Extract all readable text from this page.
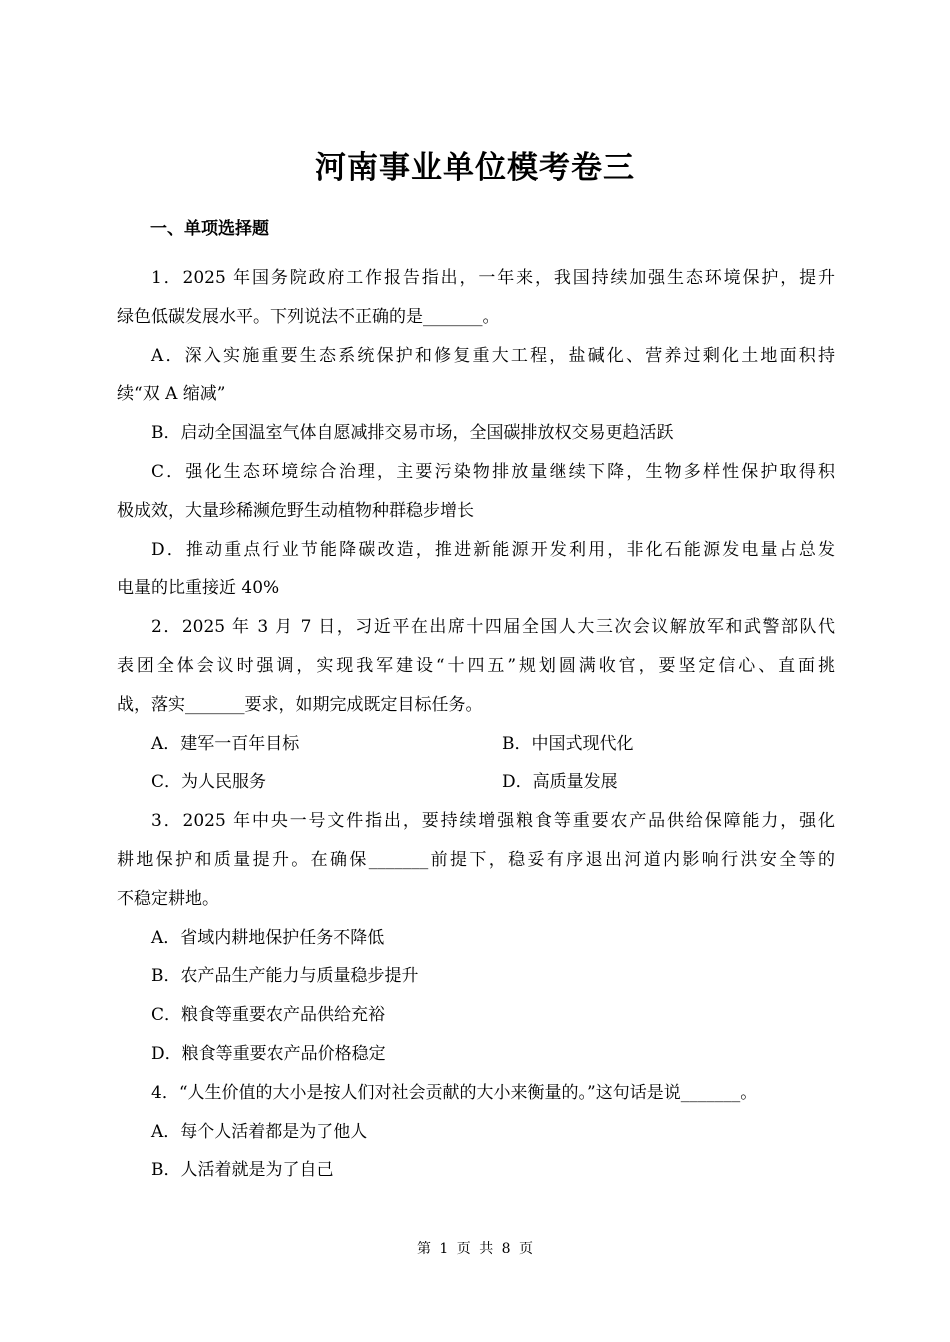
河南事业单位模考卷三

一、单项选择题

1．2025 年国务院政府工作报告指出，一年来，我国持续加强生态环境保护，提升
绿色低碳发展水平。下列说法不正确的是_______。
A．深入实施重要生态系统保护和修复重大工程，盐碱化、营养过剩化土地面积持
续“双 A 缩减”
B．启动全国温室气体自愿减排交易市场，全国碳排放权交易更趋活跃
C．强化生态环境综合治理，主要污染物排放量继续下降，生物多样性保护取得积
极成效，大量珍稀濒危野生动植物种群稳步增长
D．推动重点行业节能降碳改造，推进新能源开发利用，非化石能源发电量占总发
电量的比重接近 40%
2．2025 年 3 月 7 日，习近平在出席十四届全国人大三次会议解放军和武警部队代
表团全体会议时强调，实现我军建设“十四五”规划圆满收官，要坚定信心、直面挑
战，落实_______要求，如期完成既定目标任务。
A．建军一百年目标	B．中国式现代化
C．为人民服务	D．高质量发展
3．2025 年中央一号文件指出，要持续增强粮食等重要农产品供给保障能力，强化
耕地保护和质量提升。在确保_______前提下，稳妥有序退出河道内影响行洪安全等的
不稳定耕地。
A．省域内耕地保护任务不降低
B．农产品生产能力与质量稳步提升
C．粮食等重要农产品供给充裕
D．粮食等重要农产品价格稳定
4．“人生价值的大小是按人们对社会贡献的大小来衡量的。”这句话是说_______。
A．每个人活着都是为了他人
B．人活着就是为了自己
第 1 页 共 8 页
